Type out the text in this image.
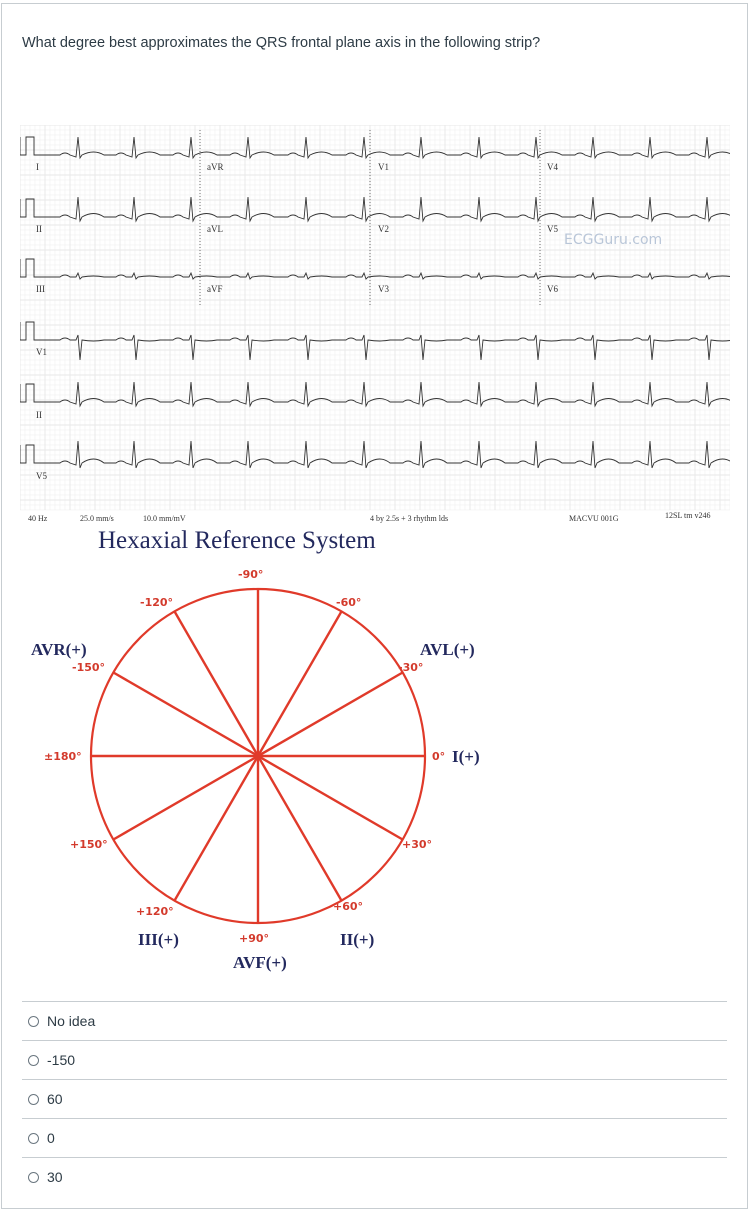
What degree best approximates the QRS frontal plane axis in the following strip?
I
II
III
V1
II
V5
aVR
aVL
aVF
V1
V2
V3
V4
V5
V6
ECGGuru.com
40 Hz	25.0 mm/s	10.0 mm/mV	4 by 2.5s + 3 rhythm lds	MACVU 001G	12SL tm v246
Hexaxial Reference System
-90°
-120°	-60°
-150°	-30°
±180°	0°
+150°	+30°
+120°	+60°
+90°
AVR(+)	AVL(+)
I(+)
III(+)	II(+)
AVF(+)
No idea
-150
60
0
30
